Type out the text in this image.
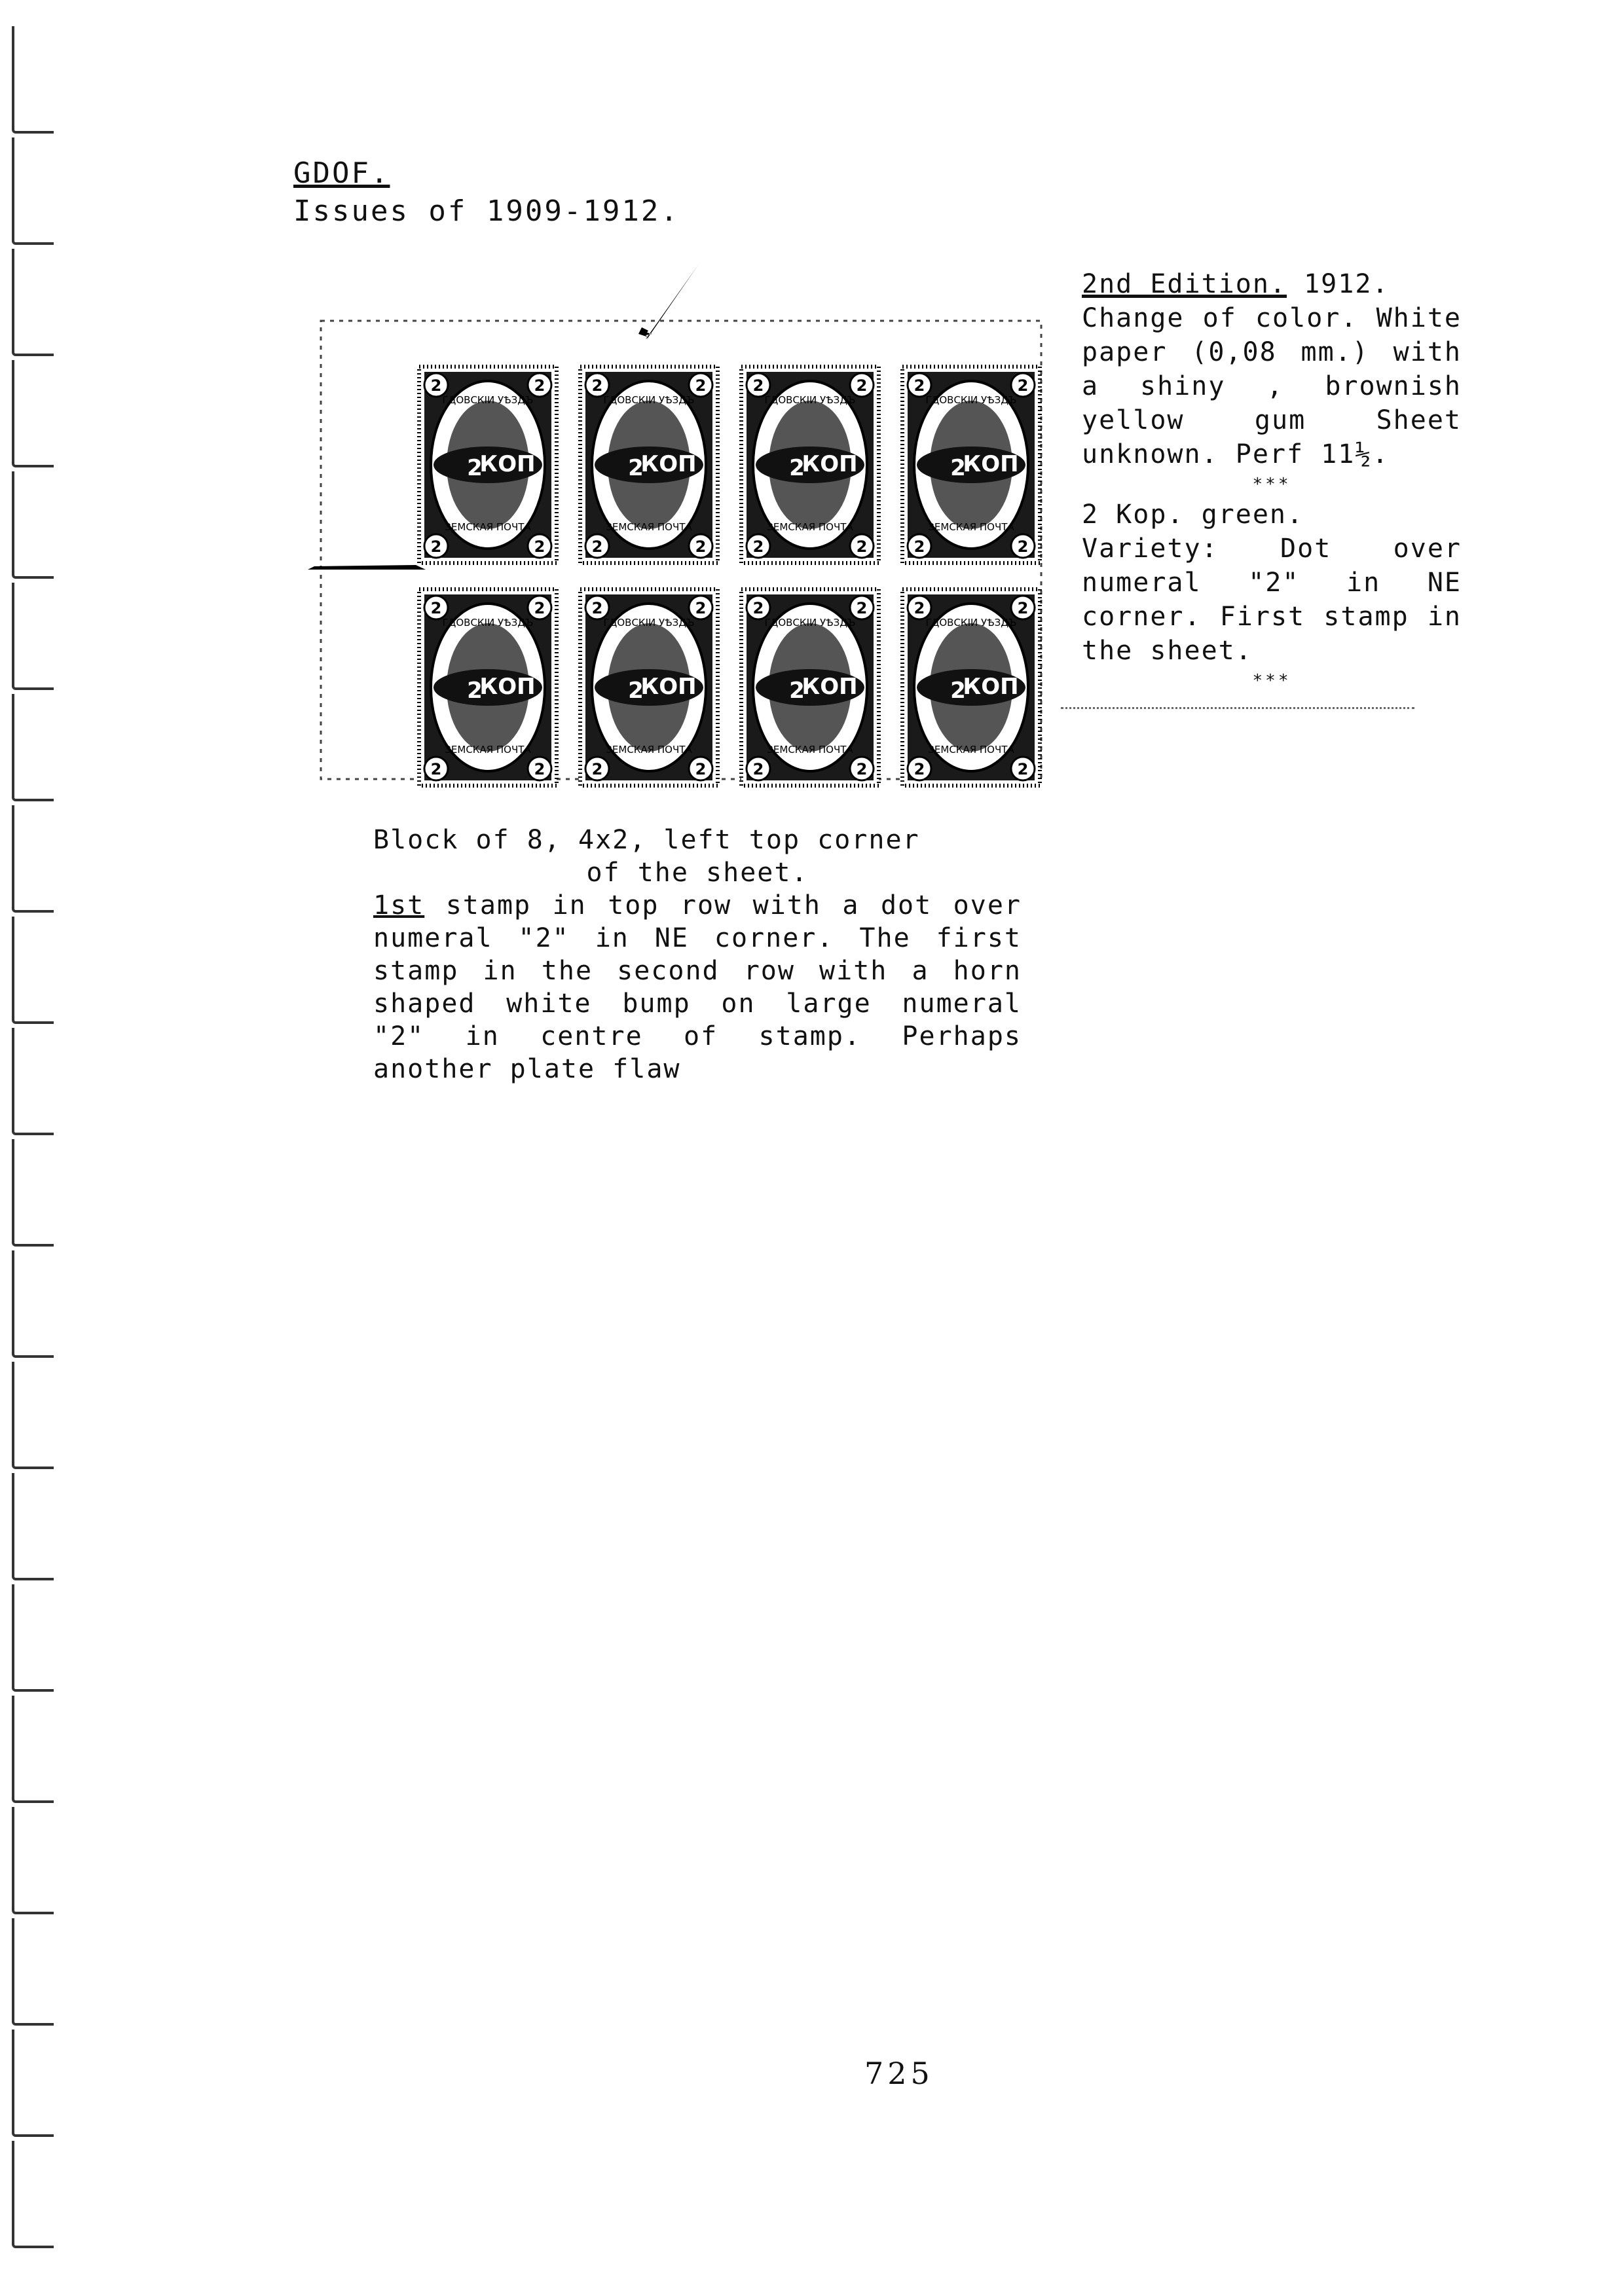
GDOF.
Issues of 1909-1912.
2	2
2	2
2
КОП
ГДОВСКIИ УѢЗДЪ
ЗЕМСКАЯ ПОЧТА
2	2
2	2
2
КОП
ГДОВСКIИ УѢЗДЪ
ЗЕМСКАЯ ПОЧТА
2	2
2	2
2
КОП
ГДОВСКIИ УѢЗДЪ
ЗЕМСКАЯ ПОЧТА
2	2
2	2
2
КОП
ГДОВСКIИ УѢЗДЪ
ЗЕМСКАЯ ПОЧТА
2	2
2	2
2
КОП
ГДОВСКIИ УѢЗДЪ
ЗЕМСКАЯ ПОЧТА
2	2
2	2
2
КОП
ГДОВСКIИ УѢЗДЪ
ЗЕМСКАЯ ПОЧТА
2	2
2	2
2
КОП
ГДОВСКIИ УѢЗДЪ
ЗЕМСКАЯ ПОЧТА
2	2
2	2
2
КОП
ГДОВСКIИ УѢЗДЪ
ЗЕМСКАЯ ПОЧТА

2nd Edition. 1912.

Change of color. White paper (0,08 mm.) with a shiny , brownish yellow gum Sheet unknown. Perf 11½.

***

2 Kop. green.

Variety: Dot over numeral "2" in NE corner. First stamp in the sheet.

***

Block of 8, 4x2, left top corner

of the sheet.

1st stamp in top row with a dot over numeral "2" in NE corner. The first stamp in the second row with a horn shaped white bump on large numeral "2" in centre of stamp. Perhaps another plate flaw

725
